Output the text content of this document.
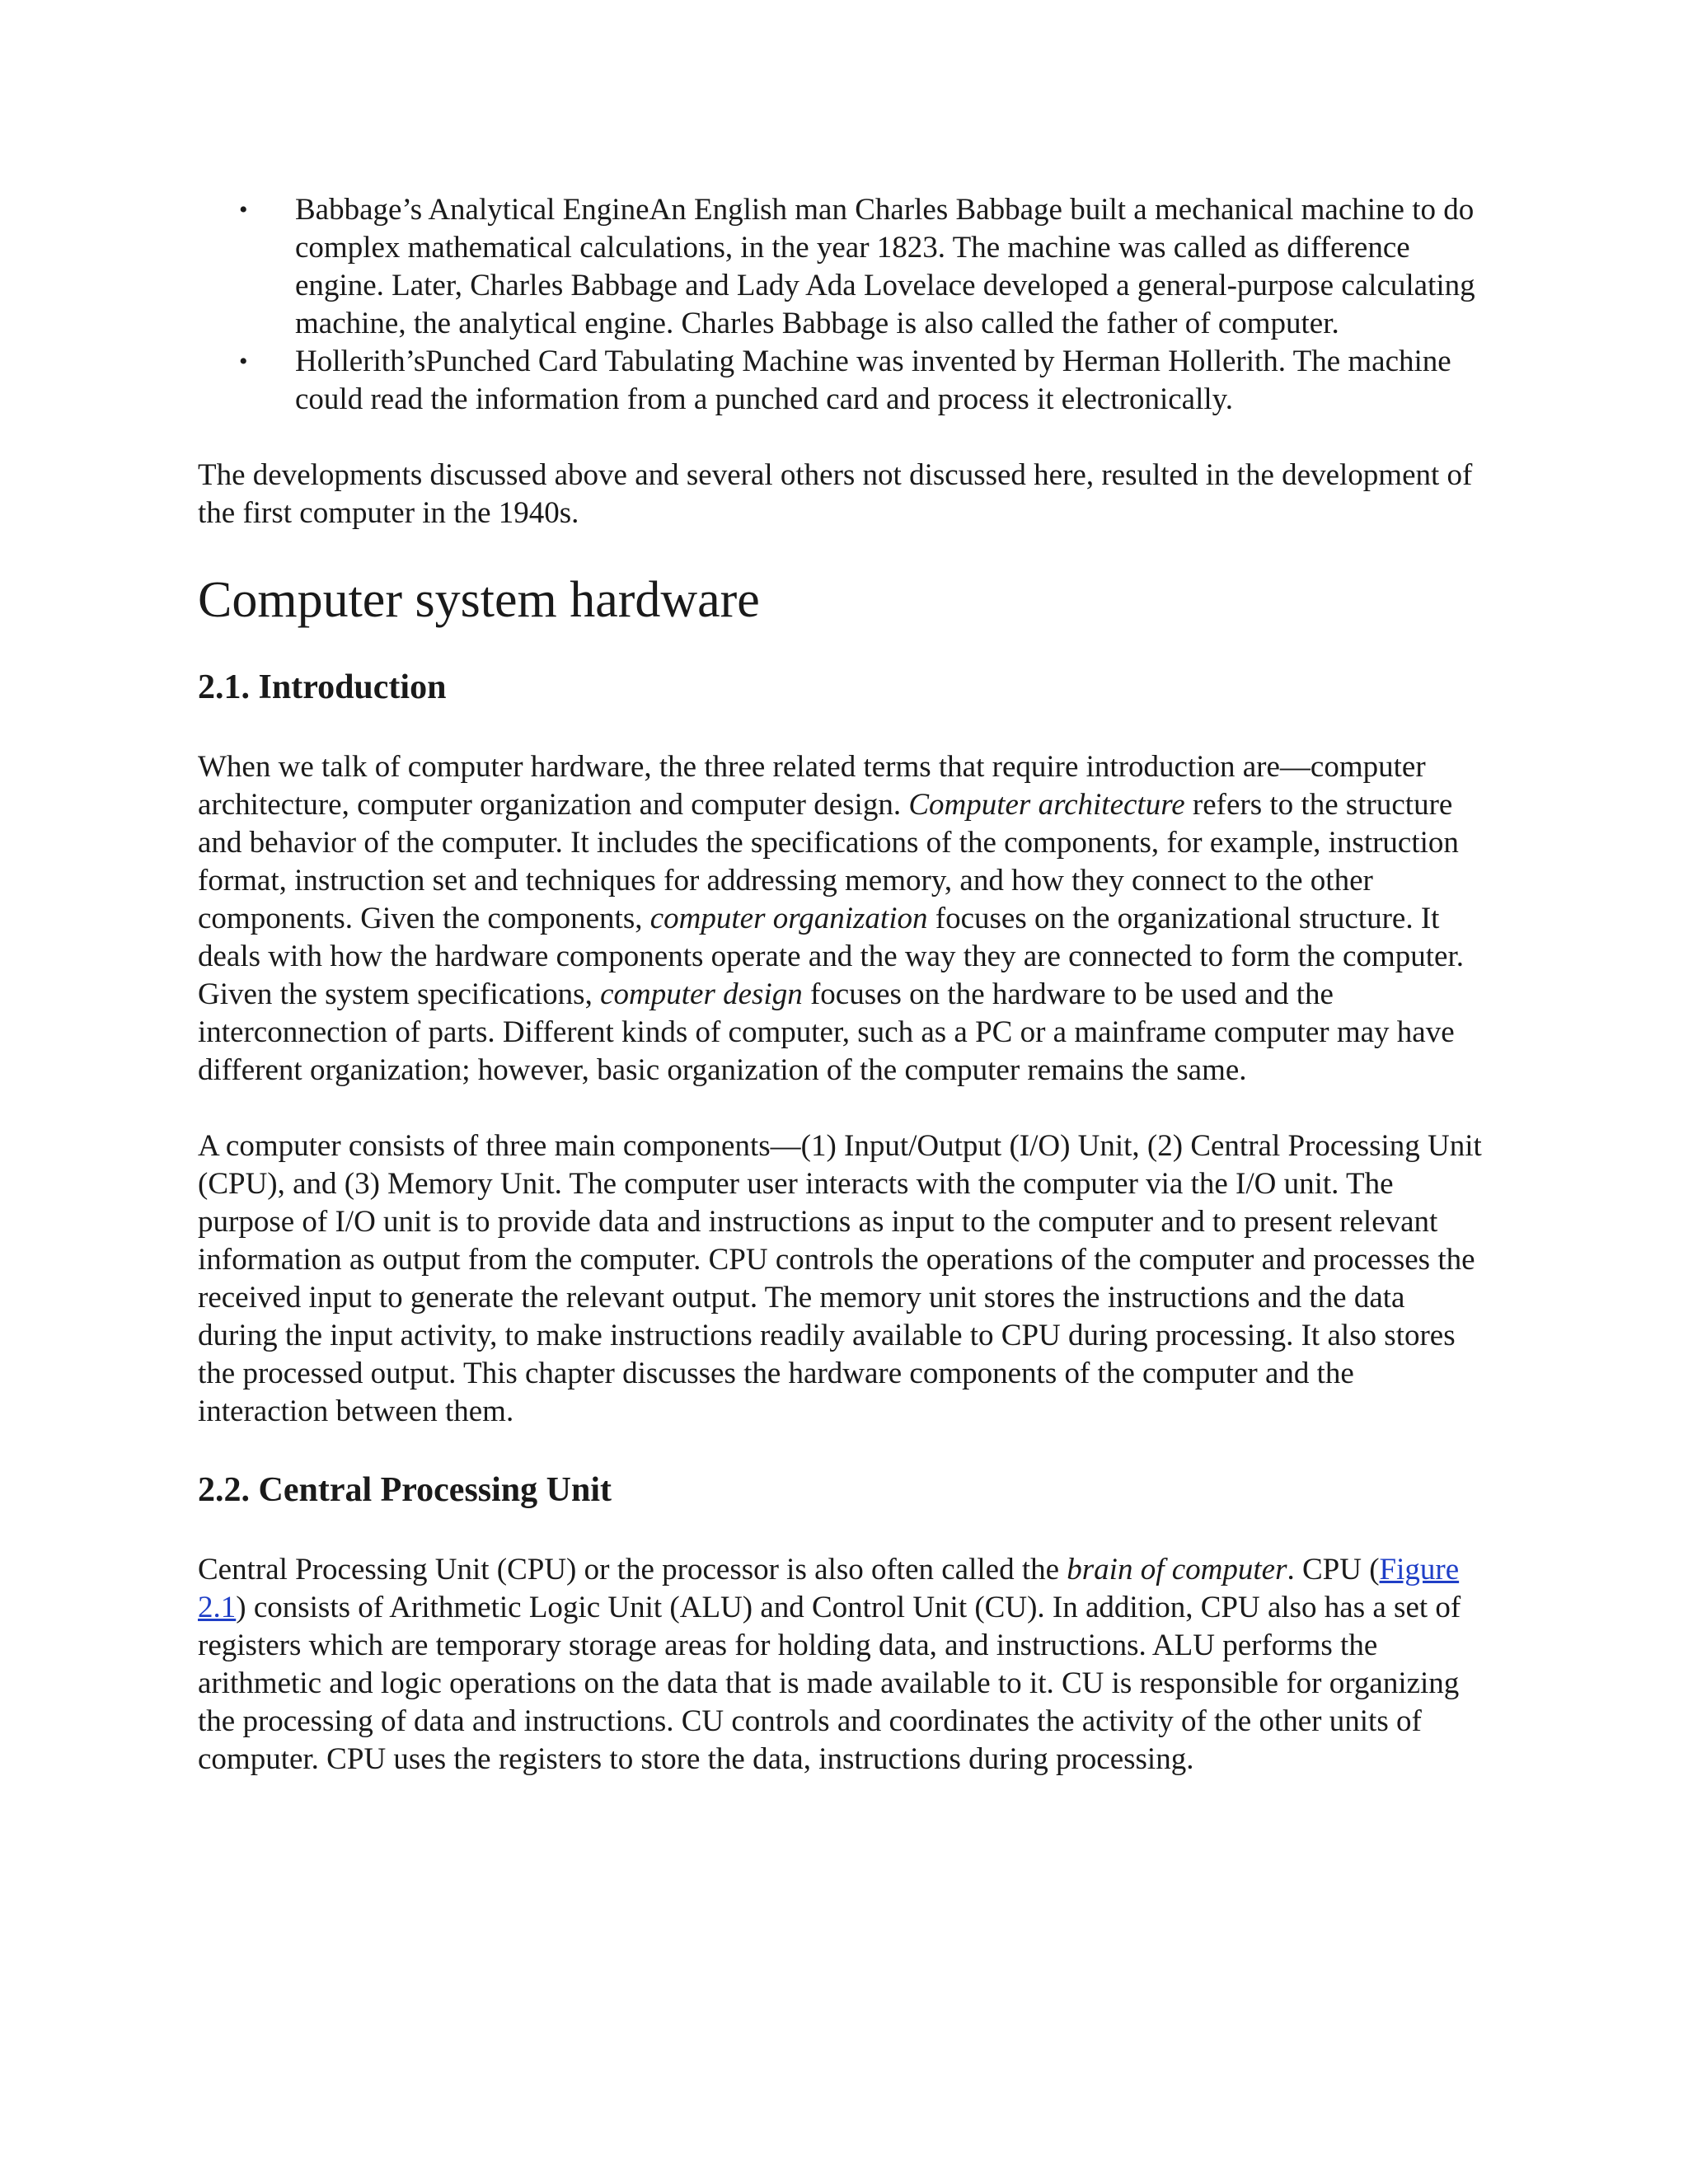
• Babbage’s Analytical EngineAn English man Charles Babbage built a mechanical machine to do complex mathematical calculations, in the year 1823. The machine was called as difference engine. Later, Charles Babbage and Lady Ada Lovelace developed a general-purpose calculating machine, the analytical engine. Charles Babbage is also called the father of computer.
• Hollerith’sPunched Card Tabulating Machine was invented by Herman Hollerith. The machine could read the information from a punched card and process it electronically.

The developments discussed above and several others not discussed here, resulted in the development of the first computer in the 1940s.

Computer system hardware
2.1. Introduction

When we talk of computer hardware, the three related terms that require introduction are—computer architecture, computer organization and computer design. Computer architecture refers to the structure and behavior of the computer. It includes the specifications of the components, for example, instruction format, instruction set and techniques for addressing memory, and how they connect to the other components. Given the components, computer organization focuses on the organizational structure. It deals with how the hardware components operate and the way they are connected to form the computer. Given the system specifications, computer design focuses on the hardware to be used and the interconnection of parts. Different kinds of computer, such as a PC or a mainframe computer may have different organization; however, basic organization of the computer remains the same.

A computer consists of three main components—(1) Input/Output (I/O) Unit, (2) Central Processing Unit (CPU), and (3) Memory Unit. The computer user interacts with the computer via the I/O unit. The purpose of I/O unit is to provide data and instructions as input to the computer and to present relevant information as output from the computer. CPU controls the operations of the computer and processes the received input to generate the relevant output. The memory unit stores the instructions and the data during the input activity, to make instructions readily available to CPU during processing. It also stores the processed output. This chapter discusses the hardware components of the computer and the interaction between them.

2.2. Central Processing Unit

Central Processing Unit (CPU) or the processor is also often called the brain of computer. CPU (Figure 2.1) consists of Arithmetic Logic Unit (ALU) and Control Unit (CU). In addition, CPU also has a set of registers which are temporary storage areas for holding data, and instructions. ALU performs the arithmetic and logic operations on the data that is made available to it. CU is responsible for organizing the processing of data and instructions. CU controls and coordinates the activity of the other units of computer. CPU uses the registers to store the data, instructions during processing.
